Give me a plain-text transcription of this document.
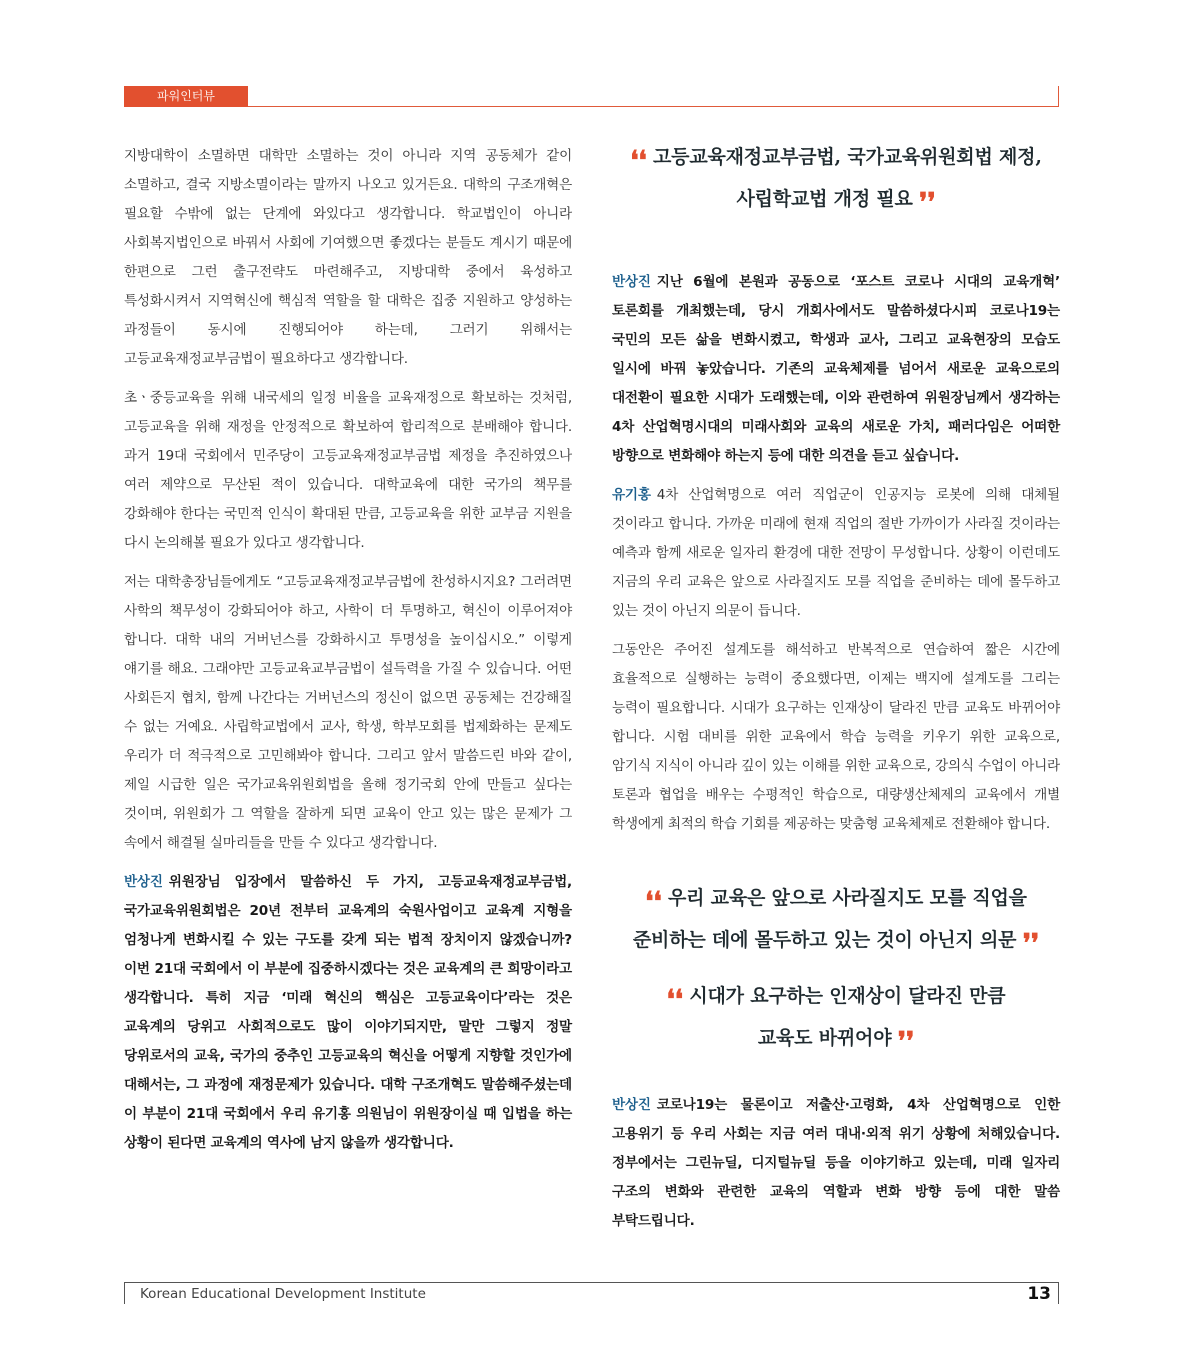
파워인터뷰

지방대학이 소멸하면 대학만 소멸하는 것이 아니라 지역 공동체가 같이 소멸하고, 결국 지방소멸이라는 말까지 나오고 있거든요. 대학의 구조개혁은 필요할 수밖에 없는 단계에 와있다고 생각합니다. 학교법인이 아니라 사회복지법인으로 바꿔서 사회에 기여했으면 좋겠다는 분들도 계시기 때문에 한편으로 그런 출구전략도 마련해주고, 지방대학 중에서 육성하고 특성화시켜서 지역혁신에 핵심적 역할을 할 대학은 집중 지원하고 양성하는 과정들이 동시에 진행되어야 하는데, 그러기 위해서는 고등교육재정교부금법이 필요하다고 생각합니다.

초ㆍ중등교육을 위해 내국세의 일정 비율을 교육재정으로 확보하는 것처럼, 고등교육을 위해 재정을 안정적으로 확보하여 합리적으로 분배해야 합니다. 과거 19대 국회에서 민주당이 고등교육재정교부금법 제정을 추진하였으나 여러 제약으로 무산된 적이 있습니다. 대학교육에 대한 국가의 책무를 강화해야 한다는 국민적 인식이 확대된 만큼, 고등교육을 위한 교부금 지원을 다시 논의해볼 필요가 있다고 생각합니다.

저는 대학총장님들에게도 “고등교육재정교부금법에 찬성하시지요? 그러려면 사학의 책무성이 강화되어야 하고, 사학이 더 투명하고, 혁신이 이루어져야 합니다. 대학 내의 거버넌스를 강화하시고 투명성을 높이십시오.” 이렇게 얘기를 해요. 그래야만 고등교육교부금법이 설득력을 가질 수 있습니다. 어떤 사회든지 협치, 함께 나간다는 거버넌스의 정신이 없으면 공동체는 건강해질 수 없는 거예요. 사립학교법에서 교사, 학생, 학부모회를 법제화하는 문제도 우리가 더 적극적으로 고민해봐야 합니다. 그리고 앞서 말씀드린 바와 같이, 제일 시급한 일은 국가교육위원회법을 올해 정기국회 안에 만들고 싶다는 것이며, 위원회가 그 역할을 잘하게 되면 교육이 안고 있는 많은 문제가 그 속에서 해결될 실마리들을 만들 수 있다고 생각합니다.

반상진 위원장님 입장에서 말씀하신 두 가지, 고등교육재정교부금법, 국가교육위원회법은 20년 전부터 교육계의 숙원사업이고 교육계 지형을 엄청나게 변화시킬 수 있는 구도를 갖게 되는 법적 장치이지 않겠습니까? 이번 21대 국회에서 이 부분에 집중하시겠다는 것은 교육계의 큰 희망이라고 생각합니다. 특히 지금 ‘미래 혁신의 핵심은 고등교육이다’라는 것은 교육계의 당위고 사회적으로도 많이 이야기되지만, 말만 그렇지 정말 당위로서의 교육, 국가의 중추인 고등교육의 혁신을 어떻게 지향할 것인가에 대해서는, 그 과정에 재정문제가 있습니다. 대학 구조개혁도 말씀해주셨는데 이 부분이 21대 국회에서 우리 유기홍 의원님이 위원장이실 때 입법을 하는 상황이 된다면 교육계의 역사에 남지 않을까 생각합니다.

❛❛ 고등교육재정교부금법, 국가교육위원회법 제정,
사립학교법 개정 필요 ❜❜

반상진 지난 6월에 본원과 공동으로 ‘포스트 코로나 시대의 교육개혁’ 토론회를 개최했는데, 당시 개회사에서도 말씀하셨다시피 코로나19는 국민의 모든 삶을 변화시켰고, 학생과 교사, 그리고 교육현장의 모습도 일시에 바꿔 놓았습니다. 기존의 교육체제를 넘어서 새로운 교육으로의 대전환이 필요한 시대가 도래했는데, 이와 관련하여 위원장님께서 생각하는 4차 산업혁명시대의 미래사회와 교육의 새로운 가치, 패러다임은 어떠한 방향으로 변화해야 하는지 등에 대한 의견을 듣고 싶습니다.

유기홍 4차 산업혁명으로 여러 직업군이 인공지능 로봇에 의해 대체될 것이라고 합니다. 가까운 미래에 현재 직업의 절반 가까이가 사라질 것이라는 예측과 함께 새로운 일자리 환경에 대한 전망이 무성합니다. 상황이 이런데도 지금의 우리 교육은 앞으로 사라질지도 모를 직업을 준비하는 데에 몰두하고 있는 것이 아닌지 의문이 듭니다.

그동안은 주어진 설계도를 해석하고 반복적으로 연습하여 짧은 시간에 효율적으로 실행하는 능력이 중요했다면, 이제는 백지에 설계도를 그리는 능력이 필요합니다. 시대가 요구하는 인재상이 달라진 만큼 교육도 바뀌어야 합니다. 시험 대비를 위한 교육에서 학습 능력을 키우기 위한 교육으로, 암기식 지식이 아니라 깊이 있는 이해를 위한 교육으로, 강의식 수업이 아니라 토론과 협업을 배우는 수평적인 학습으로, 대량생산체제의 교육에서 개별 학생에게 최적의 학습 기회를 제공하는 맞춤형 교육체제로 전환해야 합니다.

❛❛ 우리 교육은 앞으로 사라질지도 모를 직업을
준비하는 데에 몰두하고 있는 것이 아닌지 의문 ❜❜
❛❛ 시대가 요구하는 인재상이 달라진 만큼
교육도 바뀌어야 ❜❜

반상진 코로나19는 물론이고 저출산·고령화, 4차 산업혁명으로 인한 고용위기 등 우리 사회는 지금 여러 대내·외적 위기 상황에 처해있습니다. 정부에서는 그린뉴딜, 디지털뉴딜 등을 이야기하고 있는데, 미래 일자리 구조의 변화와 관련한 교육의 역할과 변화 방향 등에 대한 말씀 부탁드립니다.

Korean Educational Development Institute	13
